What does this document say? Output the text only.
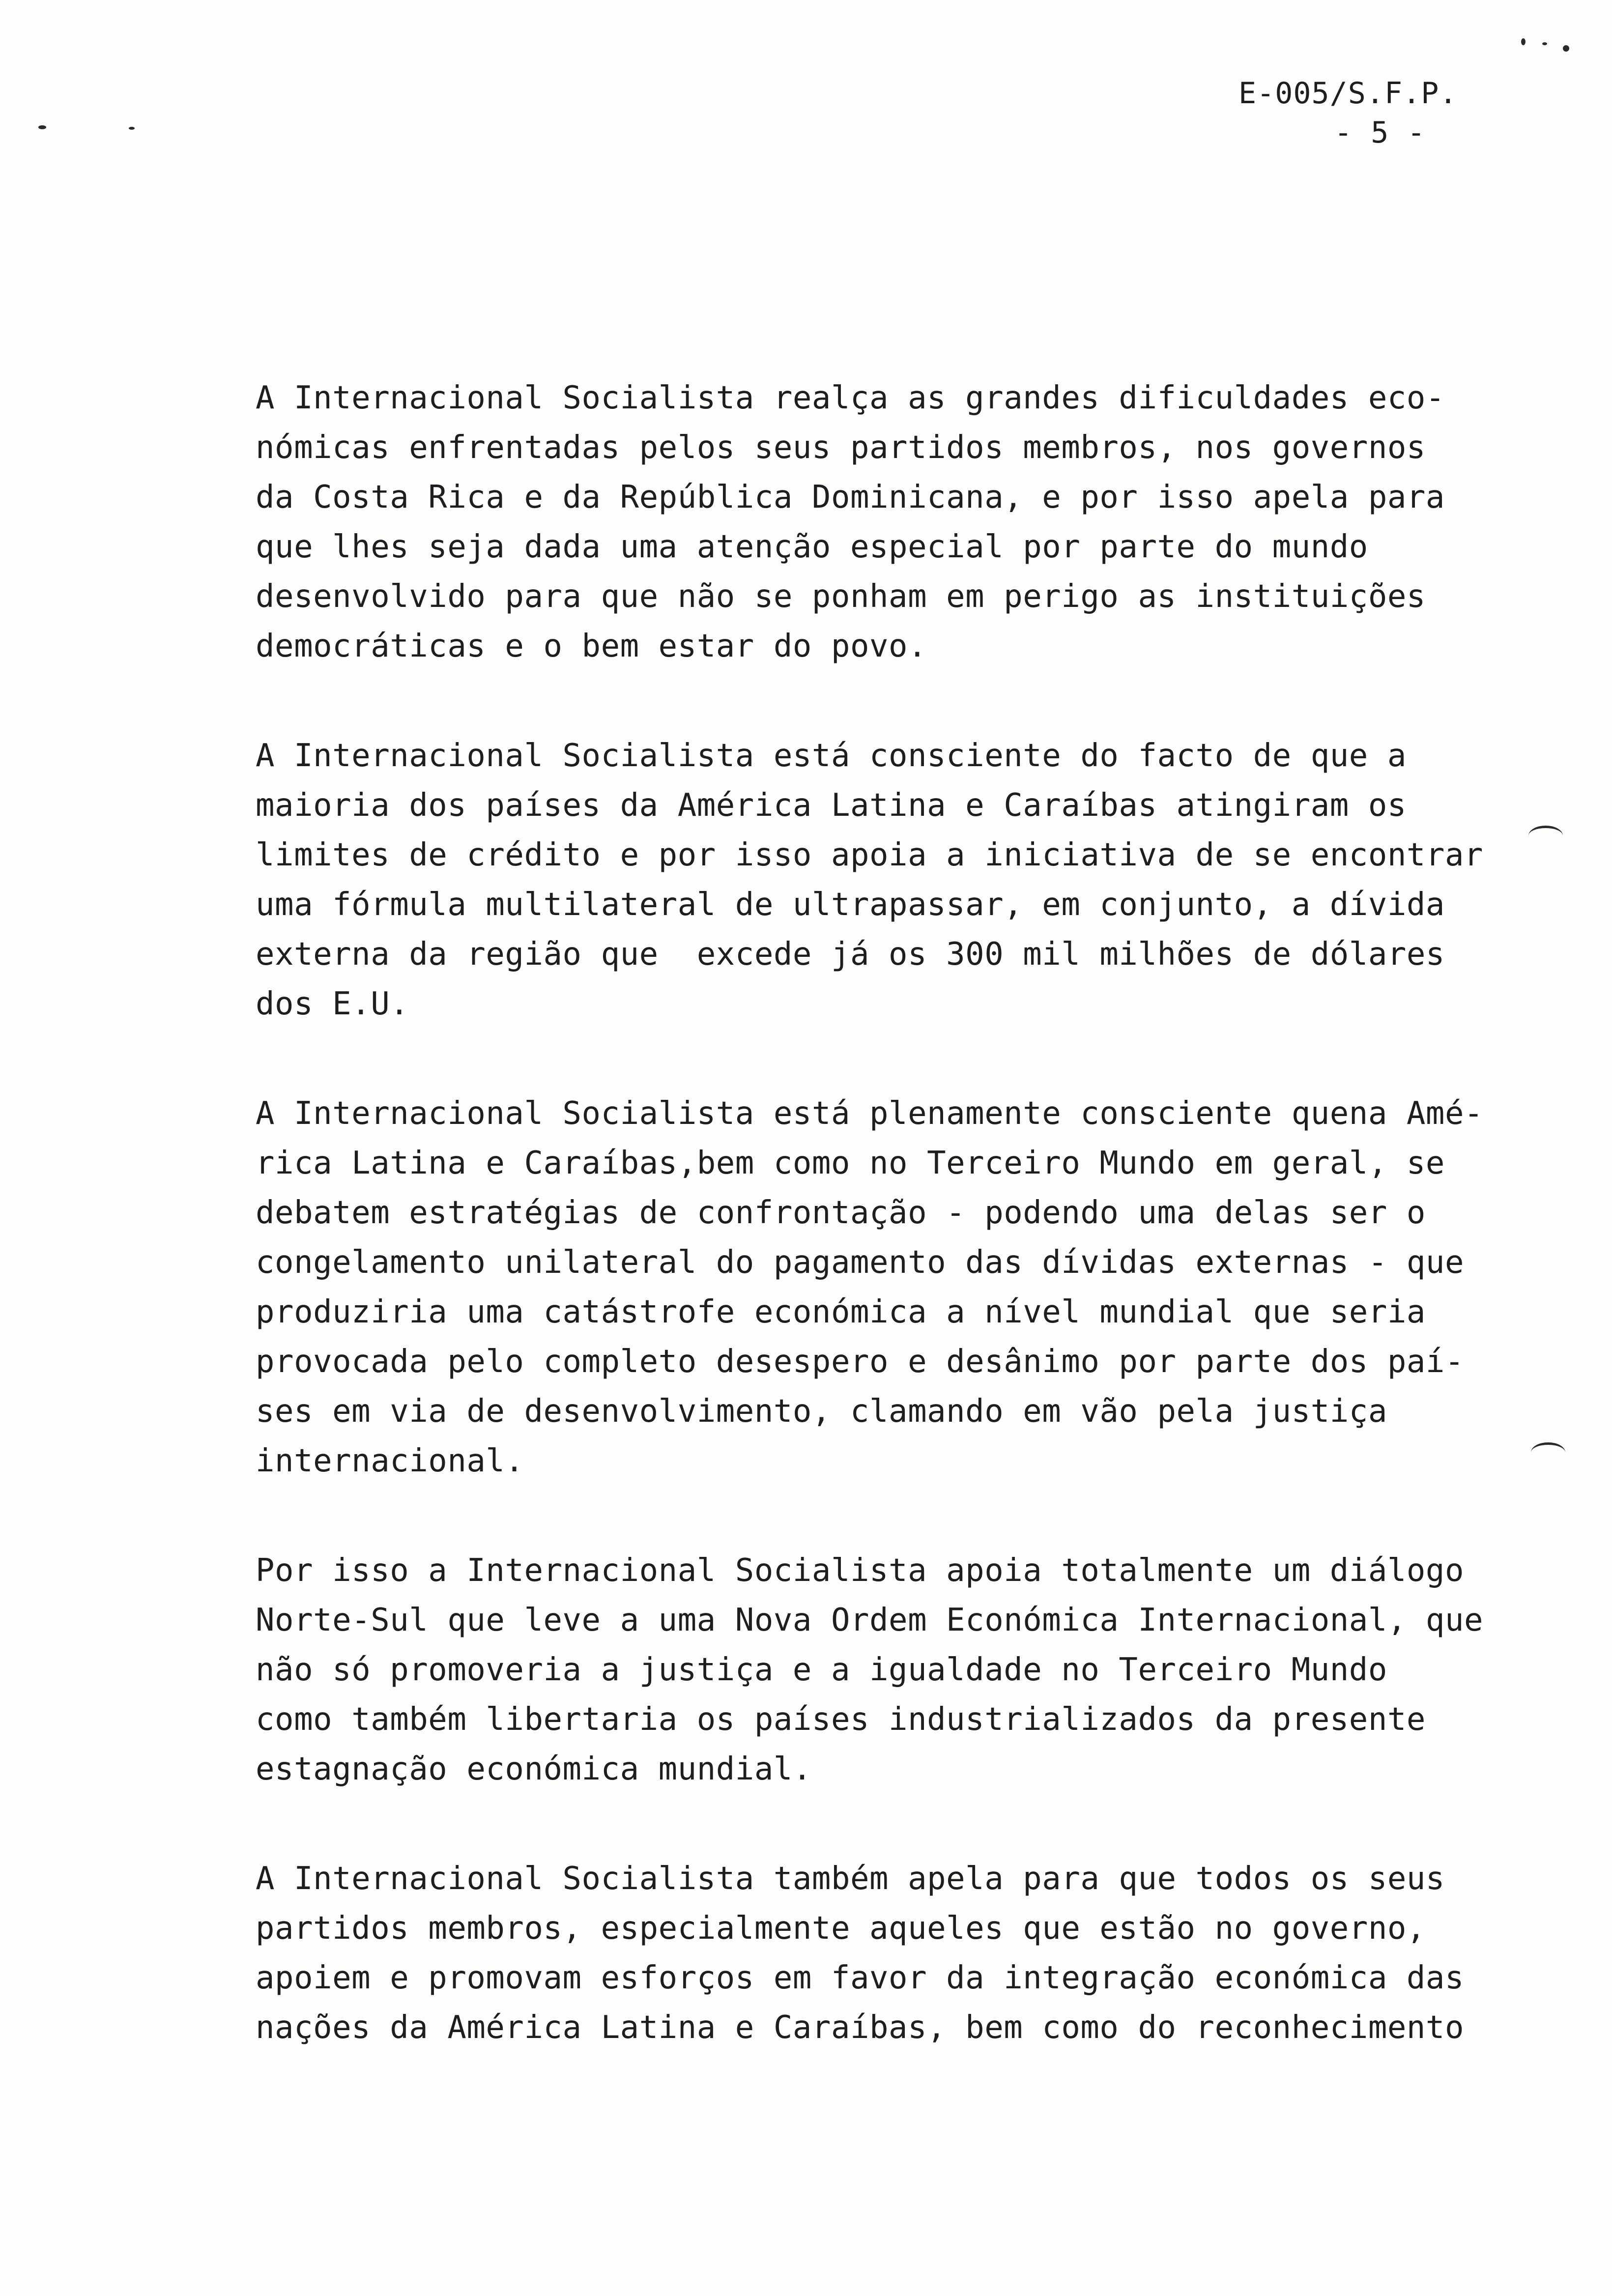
E-005/S.F.P.
- 5 -
A Internacional Socialista realça as grandes dificuldades eco-
nómicas enfrentadas pelos seus partidos membros, nos governos
da Costa Rica e da República Dominicana, e por isso apela para
que lhes seja dada uma atenção especial por parte do mundo
desenvolvido para que não se ponham em perigo as instituições
democráticas e o bem estar do povo.
A Internacional Socialista está consciente do facto de que a
maioria dos países da América Latina e Caraíbas atingiram os
limites de crédito e por isso apoia a iniciativa de se encontrar
uma fórmula multilateral de ultrapassar, em conjunto, a dívida
externa da região que  excede já os 300 mil milhões de dólares
dos E.U.
A Internacional Socialista está plenamente consciente quena Amé-
rica Latina e Caraíbas,bem como no Terceiro Mundo em geral, se
debatem estratégias de confrontação - podendo uma delas ser o
congelamento unilateral do pagamento das dívidas externas - que
produziria uma catástrofe económica a nível mundial que seria
provocada pelo completo desespero e desânimo por parte dos paí-
ses em via de desenvolvimento, clamando em vão pela justiça
internacional.
Por isso a Internacional Socialista apoia totalmente um diálogo
Norte-Sul que leve a uma Nova Ordem Económica Internacional, que
não só promoveria a justiça e a igualdade no Terceiro Mundo
como também libertaria os países industrializados da presente
estagnação económica mundial.
A Internacional Socialista também apela para que todos os seus
partidos membros, especialmente aqueles que estão no governo,
apoiem e promovam esforços em favor da integração económica das
nações da América Latina e Caraíbas, bem como do reconhecimento
